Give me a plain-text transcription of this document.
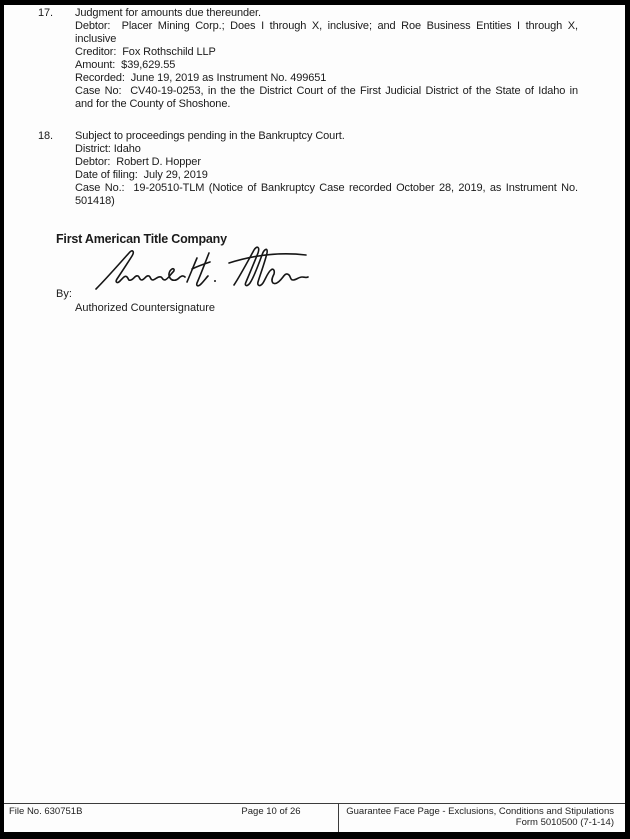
17.	Judgment for amounts due thereunder.
Debtor:  Placer Mining Corp.; Does I through X, inclusive; and Roe Business Entities I through X,
inclusive
Creditor:  Fox Rothschild LLP
Amount:  $39,629.55
Recorded:  June 19, 2019 as Instrument No. 499651
Case No:  CV40-19-0253, in the the District Court of the First Judicial District of the State of Idaho in
and for the County of Shoshone.
18.	Subject to proceedings pending in the Bankruptcy Court.
District: Idaho
Debtor:  Robert D. Hopper
Date of filing:  July 29, 2019
Case No.:  19-20510-TLM (Notice of Bankruptcy Case recorded October 28, 2019, as Instrument No.
501418)
First American Title Company
By:
Authorized Countersignature
File No. 630751B	Page 10 of 26	Guarantee Face Page - Exclusions, Conditions and Stipulations
Form 5010500 (7-1-14)
